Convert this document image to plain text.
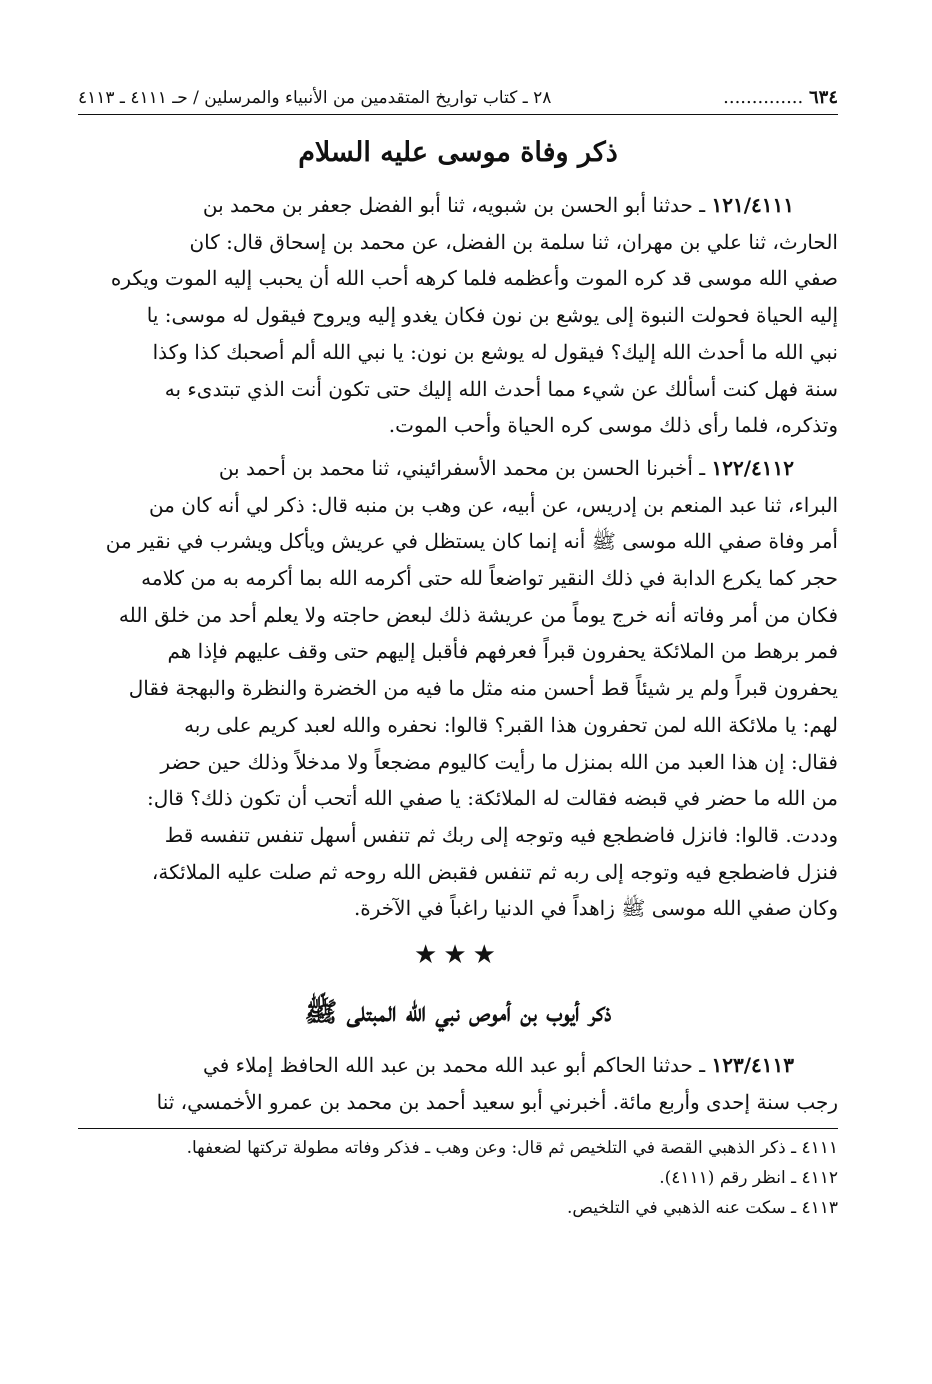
٦٣٤ ..............
٢٨ ـ كتاب تواريخ المتقدمين من الأنبياء والمرسلين / حـ ٤١١١ ـ ٤١١٣
ذكر وفاة موسى عليه السلام

١٢١/٤١١١ ـ حدثنا أبو الحسن بن شبويه، ثنا أبو الفضل جعفر بن محمد بن
الحارث، ثنا علي بن مهران، ثنا سلمة بن الفضل، عن محمد بن إسحاق قال: كان
صفي الله موسى قد كره الموت وأعظمه فلما كرهه أحب الله أن يحبب إليه الموت ويكره
إليه الحياة فحولت النبوة إلى يوشع بن نون فكان يغدو إليه ويروح فيقول له موسى: يا
نبي الله ما أحدث الله إليك؟ فيقول له يوشع بن نون: يا نبي الله ألم أصحبك كذا وكذا
سنة فهل كنت أسألك عن شيء مما أحدث الله إليك حتى تكون أنت الذي تبتدىء به
وتذكره، فلما رأى ذلك موسى كره الحياة وأحب الموت.

١٢٢/٤١١٢ ـ أخبرنا الحسن بن محمد الأسفرائيني، ثنا محمد بن أحمد بن
البراء، ثنا عبد المنعم بن إدريس، عن أبيه، عن وهب بن منبه قال: ذكر لي أنه كان من
أمر وفاة صفي الله موسى ﷺ أنه إنما كان يستظل في عريش ويأكل ويشرب في نقير من
حجر كما يكرع الدابة في ذلك النقير تواضعاً لله حتى أكرمه الله بما أكرمه به من كلامه
فكان من أمر وفاته أنه خرج يوماً من عريشة ذلك لبعض حاجته ولا يعلم أحد من خلق الله
فمر برهط من الملائكة يحفرون قبراً فعرفهم فأقبل إليهم حتى وقف عليهم فإذا هم
يحفرون قبراً ولم ير شيئاً قط أحسن منه مثل ما فيه من الخضرة والنظرة والبهجة فقال
لهم: يا ملائكة الله لمن تحفرون هذا القبر؟ قالوا: نحفره والله لعبد كريم على ربه
فقال: إن هذا العبد من الله بمنزل ما رأيت كاليوم مضجعاً ولا مدخلاً وذلك حين حضر
من الله ما حضر في قبضه فقالت له الملائكة: يا صفي الله أتحب أن تكون ذلك؟ قال:
وددت. قالوا: فانزل فاضطجع فيه وتوجه إلى ربك ثم تنفس أسهل تنفس تنفسه قط
فنزل فاضطجع فيه وتوجه إلى ربه ثم تنفس فقبض الله روحه ثم صلت عليه الملائكة،
وكان صفي الله موسى ﷺ زاهداً في الدنيا راغباً في الآخرة.

★★★
ذكر أيوب بن أموص نبي الله المبتلى ﷺ

١٢٣/٤١١٣ ـ حدثنا الحاكم أبو عبد الله محمد بن عبد الله الحافظ إملاء في
رجب سنة إحدى وأربع مائة. أخبرني أبو سعيد أحمد بن محمد بن عمرو الأخمسي، ثنا

٤١١١ ـ ذكر الذهبي القصة في التلخيص ثم قال: وعن وهب ـ فذكر وفاته مطولة تركتها لضعفها.
٤١١٢ ـ انظر رقم (٤١١١).
٤١١٣ ـ سكت عنه الذهبي في التلخيص.
